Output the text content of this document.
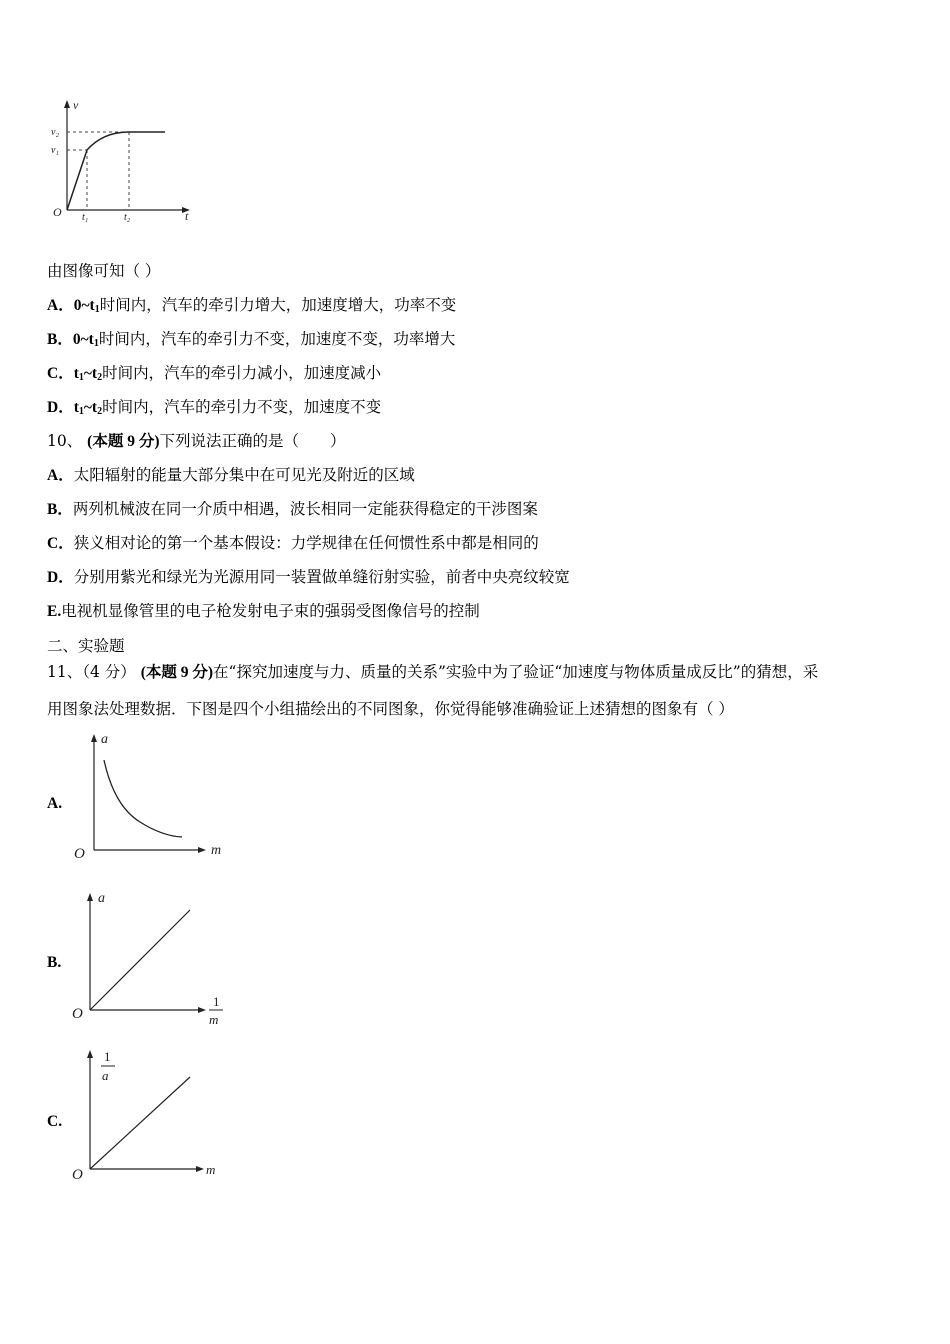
v
t
O
v₂
v₁
t₁	t₂
由图像可知（ ）
A．$0\sim t_1$时间内，汽车的牵引力增大，加速度增大，功率不变
B．$0\sim t_1$时间内，汽车的牵引力不变，加速度不变，功率增大
C．$t_1\sim t_2$时间内，汽车的牵引力减小，加速度减小
D．$t_1\sim t_2$时间内，汽车的牵引力不变，加速度不变
10、 (本题 9 分)下列说法正确的是（　　）
A．太阳辐射的能量大部分集中在可见光及附近的区域
B．两列机械波在同一介质中相遇，波长相同一定能获得稳定的干涉图案
C．狭义相对论的第一个基本假设：力学规律在任何惯性系中都是相同的
D．分别用紫光和绿光为光源用同一装置做单缝衍射实验，前者中央亮纹较宽
E.电视机显像管里的电子枪发射电子束的强弱受图像信号的控制
二、实验题
11、（4 分） (本题 9 分)在“探究加速度与力、质量的关系”实验中为了验证“加速度与物体质量成反比”的猜想，采
用图象法处理数据．下图是四个小组描绘出的不同图象，你觉得能够准确验证上述猜想的图象有（ ）
A.
a
m
O
B.
a
1
m
O
C.
1
a
m
O
